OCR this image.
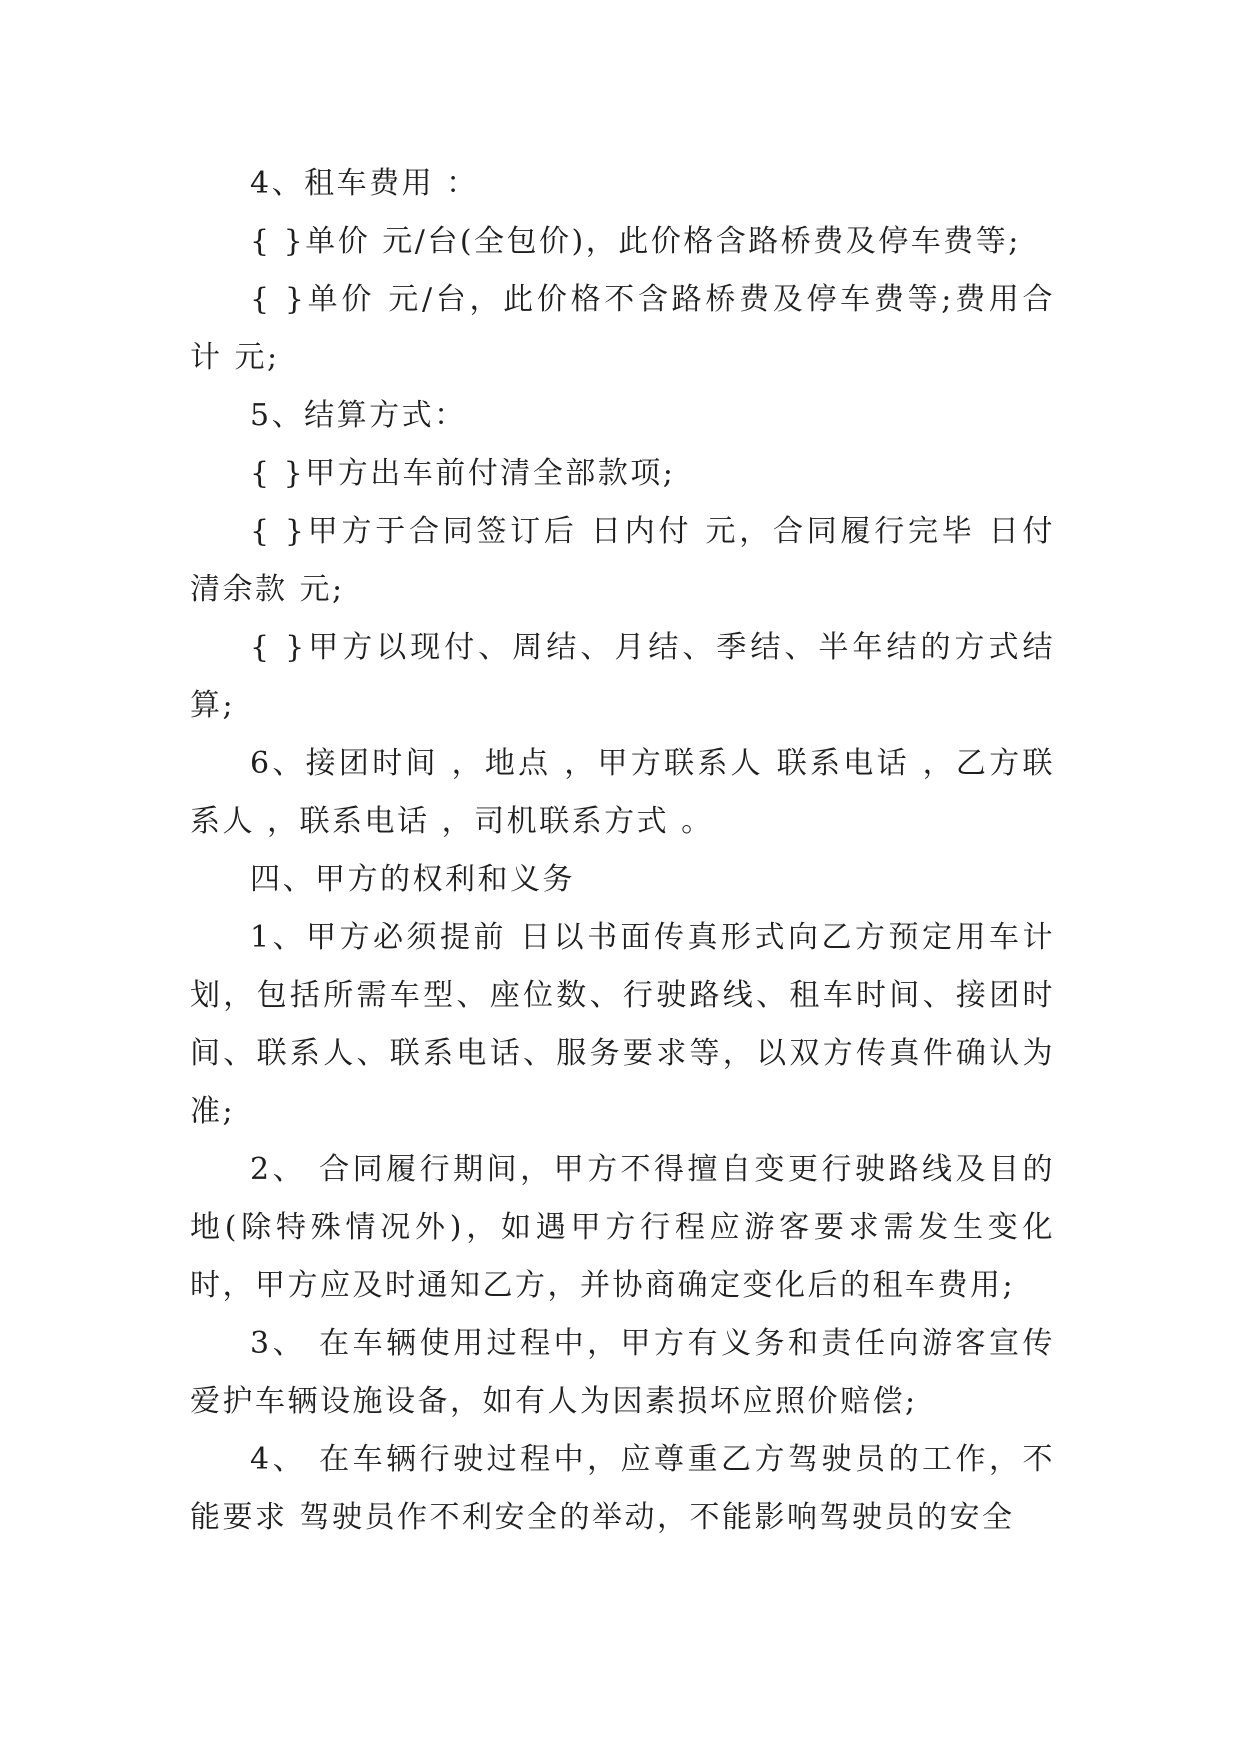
4、租车费用 ：

{ }单价 元/台(全包价)，此价格含路桥费及停车费等;

{ }单价 元/台，此价格不含路桥费及停车费等;费用合计 元;

5、结算方式：

{ }甲方出车前付清全部款项;

{ }甲方于合同签订后 日内付 元，合同履行完毕 日付清余款 元;

{ }甲方以现付、周结、月结、季结、半年结的方式结算;

6、接团时间 ，地点 ，甲方联系人 联系电话 ，乙方联系人 ，联系电话 ，司机联系方式 。

四、甲方的权利和义务

1、甲方必须提前 日以书面传真形式向乙方预定用车计划，包括所需车型、座位数、行驶路线、租车时间、接团时间、联系人、联系电话、服务要求等，以双方传真件确认为准;

2、 合同履行期间，甲方不得擅自变更行驶路线及目的地(除特殊情况外)，如遇甲方行程应游客要求需发生变化时，甲方应及时通知乙方，并协商确定变化后的租车费用;

3、 在车辆使用过程中，甲方有义务和责任向游客宣传爱护车辆设施设备，如有人为因素损坏应照价赔偿;

4、 在车辆行驶过程中，应尊重乙方驾驶员的工作，不能要求 驾驶员作不利安全的举动，不能影响驾驶员的安全
